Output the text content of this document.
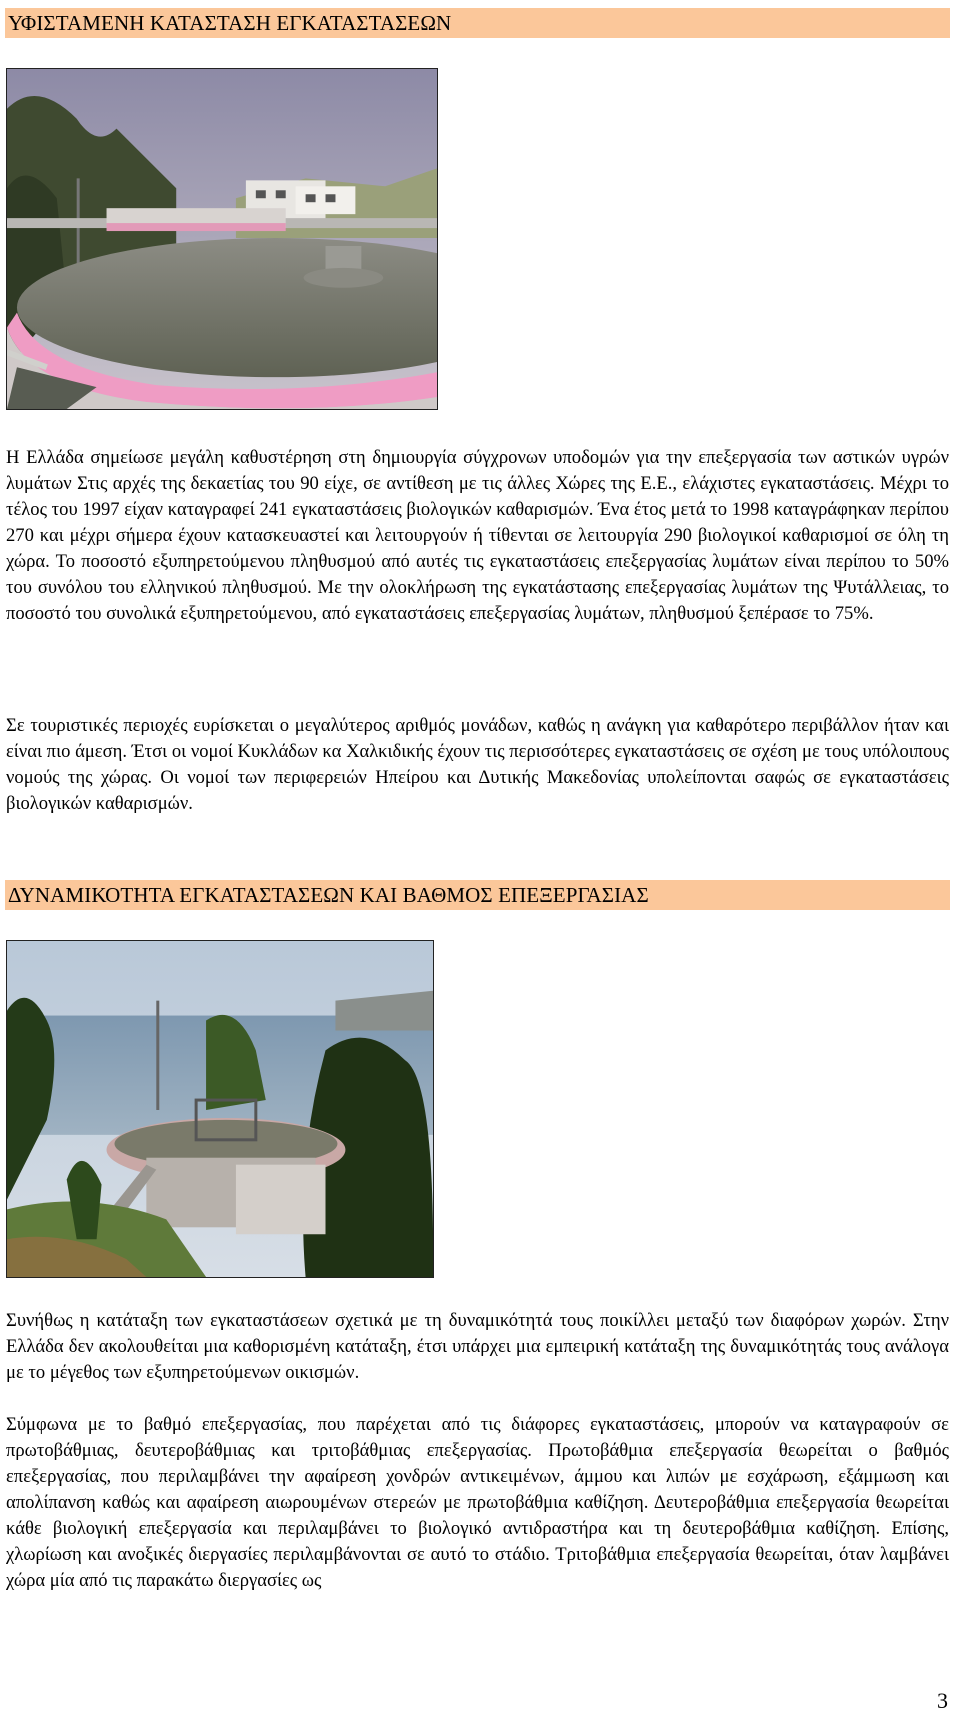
ΥΦΙΣΤΑΜΕΝΗ ΚΑΤΑΣΤΑΣΗ ΕΓΚΑΤΑΣΤΑΣΕΩΝ

Η Ελλάδα σημείωσε μεγάλη καθυστέρηση στη δημιουργία σύγχρονων υποδομών για την επεξεργασία των αστικών υγρών λυμάτων Στις αρχές της δεκαετίας του 90 είχε, σε αντίθεση με τις άλλες Χώρες της Ε.Ε., ελάχιστες εγκαταστάσεις. Μέχρι το τέλος του 1997 είχαν καταγραφεί 241 εγκαταστάσεις βιολογικών καθαρισμών. Ένα έτος μετά το 1998 καταγράφηκαν περίπου 270 και μέχρι σήμερα έχουν κατασκευαστεί και λειτουργούν ή τίθενται σε λειτουργία 290 βιολογικοί καθαρισμοί σε όλη τη χώρα. Το ποσοστό εξυπηρετούμενου πληθυσμού από αυτές τις εγκαταστάσεις επεξεργασίας λυμάτων είναι περίπου το 50% του συνόλου του ελληνικού πληθυσμού. Με την ολοκλήρωση της εγκατάστασης επεξεργασίας λυμάτων της Ψυτάλλειας, το ποσοστό του συνολικά εξυπηρετούμενου, από εγκαταστάσεις επεξεργασίας λυμάτων, πληθυσμού ξεπέρασε το 75%.

Σε τουριστικές περιοχές ευρίσκεται ο μεγαλύτερος αριθμός μονάδων, καθώς η ανάγκη για καθαρότερο περιβάλλον ήταν και είναι πιο άμεση. Έτσι οι νομοί Κυκλάδων κα Χαλκιδικής έχουν τις περισσότερες εγκαταστάσεις σε σχέση με τους υπόλοιπους νομούς της χώρας. Οι νομοί των περιφερειών Ηπείρου και Δυτικής Μακεδονίας υπολείπονται σαφώς σε εγκαταστάσεις βιολογικών καθαρισμών.

ΔΥΝΑΜΙΚΟΤΗΤΑ ΕΓΚΑΤΑΣΤΑΣΕΩΝ ΚΑΙ ΒΑΘΜΟΣ ΕΠΕΞΕΡΓΑΣΙΑΣ

Συνήθως η κατάταξη των εγκαταστάσεων σχετικά με τη δυναμικότητά τους ποικίλλει μεταξύ των διαφόρων χωρών. Στην Ελλάδα δεν ακολουθείται μια καθορισμένη κατάταξη, έτσι υπάρχει μια εμπειρική κατάταξη της δυναμικότητάς τους ανάλογα με το μέγεθος των εξυπηρετούμενων οικισμών.

Σύμφωνα με το βαθμό επεξεργασίας, που παρέχεται από τις διάφορες εγκαταστάσεις, μπορούν να καταγραφούν σε πρωτοβάθμιας, δευτεροβάθμιας και τριτοβάθμιας επεξεργασίας. Πρωτοβάθμια επεξεργασία θεωρείται ο βαθμός επεξεργασίας, που περιλαμβάνει την αφαίρεση χονδρών αντικειμένων, άμμου και λιπών με εσχάρωση, εξάμμωση και απολίπανση καθώς και αφαίρεση αιωρουμένων στερεών με πρωτοβάθμια καθίζηση. Δευτεροβάθμια επεξεργασία θεωρείται κάθε βιολογική επεξεργασία και περιλαμβάνει το βιολογικό αντιδραστήρα και τη δευτεροβάθμια καθίζηση. Επίσης, χλωρίωση και ανοξικές διεργασίες περιλαμβάνονται σε αυτό το στάδιο. Τριτοβάθμια επεξεργασία θεωρείται, όταν λαμβάνει χώρα μία από τις παρακάτω διεργασίες ως

3
